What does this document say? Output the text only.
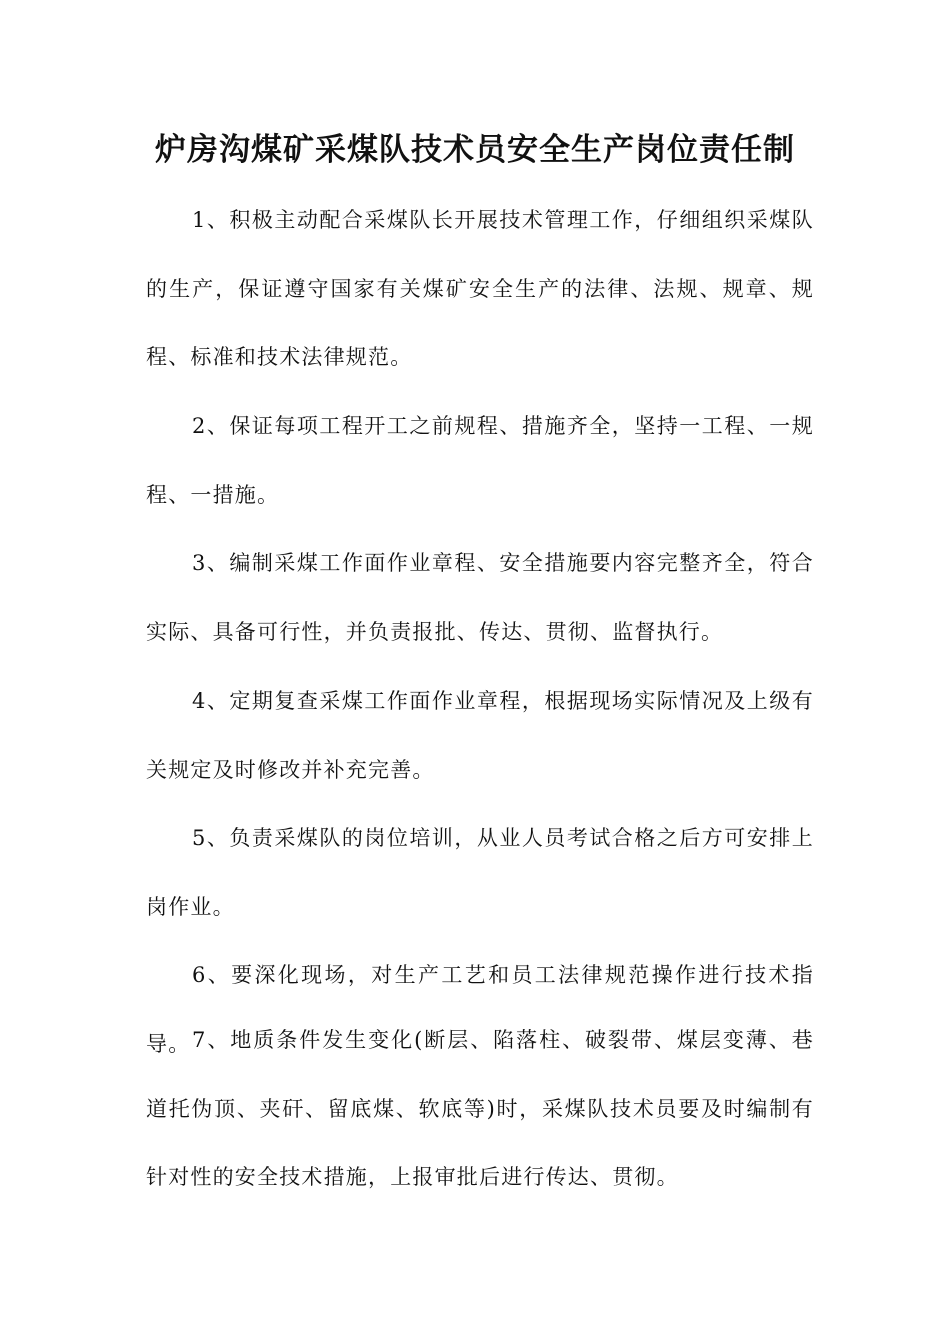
炉房沟煤矿采煤队技术员安全生产岗位责任制

1、积极主动配合采煤队长开展技术管理工作，仔细组织采煤队的生产，保证遵守国家有关煤矿安全生产的法律、法规、规章、规程、标准和技术法律规范。

2、保证每项工程开工之前规程、措施齐全，坚持一工程、一规程、一措施。

3、编制采煤工作面作业章程、安全措施要内容完整齐全，符合实际、具备可行性，并负责报批、传达、贯彻、监督执行。

4、定期复查采煤工作面作业章程，根据现场实际情况及上级有关规定及时修改并补充完善。

5、负责采煤队的岗位培训，从业人员考试合格之后方可安排上岗作业。

6、要深化现场，对生产工艺和员工法律规范操作进行技术指导。 7、地质条件发生变化(断层、陷落柱、破裂带、煤层变薄、巷道托伪顶、夹矸、留底煤、软底等)时，采煤队技术员要及时编制有针对性的安全技术措施，上报审批后进行传达、贯彻。
